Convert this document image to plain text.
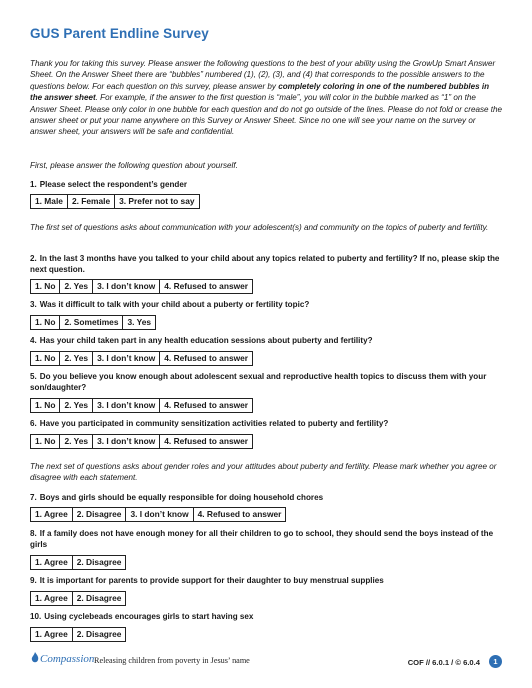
GUS Parent Endline Survey
Thank you for taking this survey. Please answer the following questions to the best of your ability using the GrowUp Smart Answer Sheet. On the Answer Sheet there are “bubbles” numbered (1), (2), (3), and (4) that corresponds to the possible answers to the questions below. For each question on this survey, please answer by completely coloring in one of the numbered bubbles in the answer sheet. For example, if the answer to the first question is “male”, you will color in the bubble marked as “1” on the Answer Sheet. Please only color in one bubble for each question and do not go outside of the lines. Please do not fold or crease the answer sheet or put your name anywhere on this Survey or Answer Sheet. Since no one will see your name on the survey or answer sheet, your answers will be safe and confidential.
First, please answer the following question about yourself.
1. Please select the respondent’s gender
1. Male	2. Female	3. Prefer not to say
The first set of questions asks about communication with your adolescent(s) and community on the topics of puberty and fertility.
2. In the last 3 months have you talked to your child about any topics related to puberty and fertility? If no, please skip the next question.
1. No	2. Yes	3. I don’t know	4. Refused to answer
3. Was it difficult to talk with your child about a puberty or fertility topic?
1. No	2. Sometimes	3. Yes
4. Has your child taken part in any health education sessions about puberty and fertility?
1. No	2. Yes	3. I don’t know	4. Refused to answer
5. Do you believe you know enough about adolescent sexual and reproductive health topics to discuss them with your son/daughter?
1. No	2. Yes	3. I don’t know	4. Refused to answer
6. Have you participated in community sensitization activities related to puberty and fertility?
1. No	2. Yes	3. I don’t know	4. Refused to answer
The next set of questions asks about gender roles and your attitudes about puberty and fertility. Please mark whether you agree or disagree with each statement.
7. Boys and girls should be equally responsible for doing household chores
1. Agree	2. Disagree	3. I don’t know	4. Refused to answer
8. If a family does not have enough money for all their children to go to school, they should send the boys instead of the girls
1. Agree	2. Disagree
9. It is important for parents to provide support for their daughter to buy menstrual supplies
1. Agree	2. Disagree
10. Using cyclebeads encourages girls to start having sex
1. Agree	2. Disagree
Compassion Releasing children from poverty in Jesus’ name	COF // 6.0.1 / © 6.0.4	1
